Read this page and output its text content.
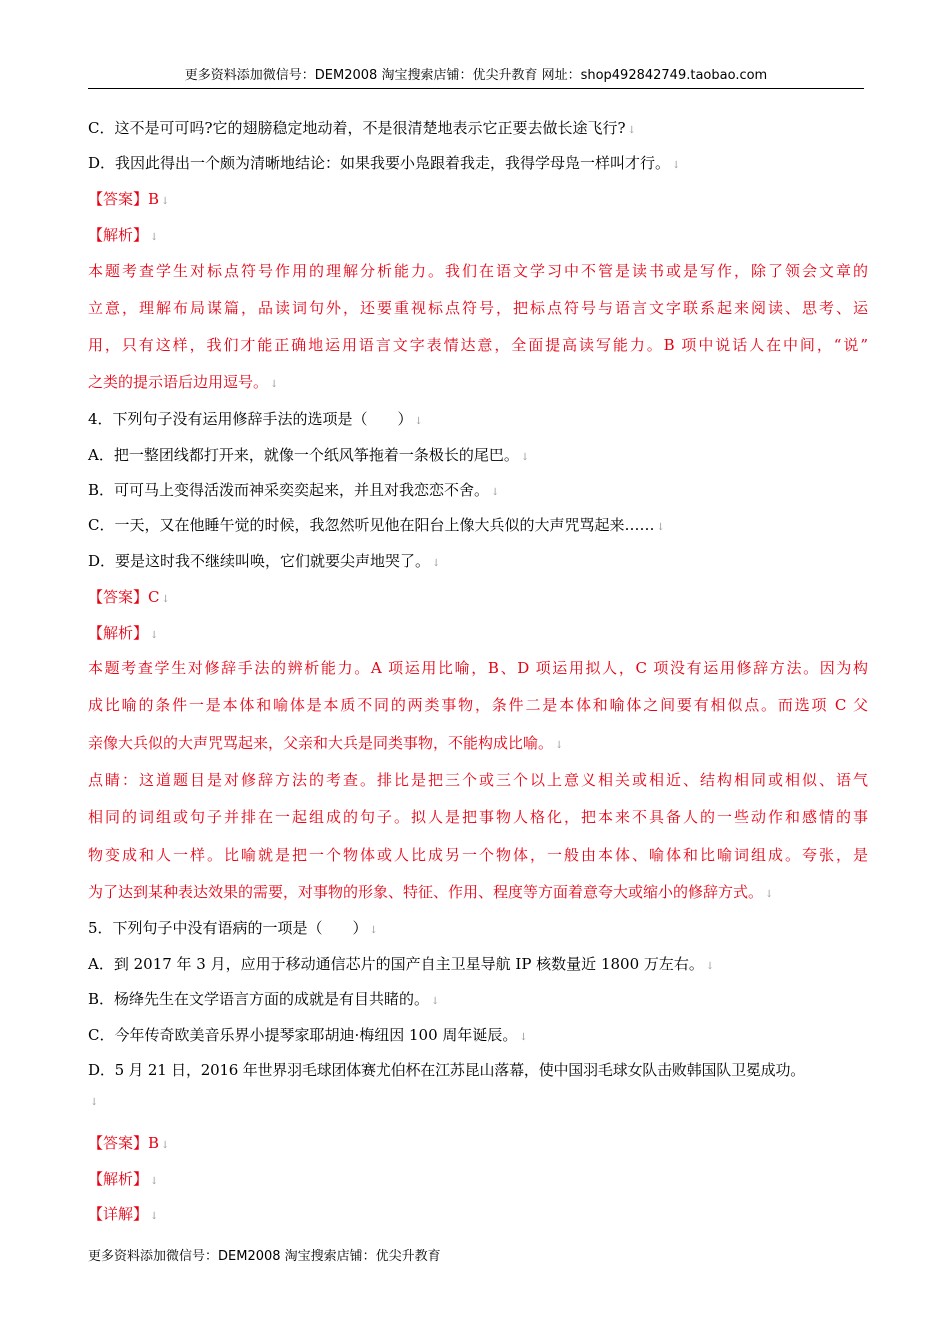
更多资料添加微信号：DEM2008 淘宝搜索店铺：优尖升教育 网址：shop492842749.taobao.com
C．这不是可可吗?它的翅膀稳定地动着，不是很清楚地表示它正要去做长途飞行? ↓
D．我因此得出一个颇为清晰地结论：如果我要小凫跟着我走，我得学母凫一样叫才行。 ↓
【答案】B ↓
【解析】 ↓
本题考查学生对标点符号作用的理解分析能力。我们在语文学习中不管是读书或是写作，除了领会文章的
立意，理解布局谋篇，品读词句外，还要重视标点符号，把标点符号与语言文字联系起来阅读、思考、运
用，只有这样，我们才能正确地运用语言文字表情达意，全面提高读写能力。B 项中说话人在中间，“说”
之类的提示语后边用逗号。 ↓
4．下列句子没有运用修辞手法的选项是（　　） ↓
A．把一整团线都打开来，就像一个纸风筝拖着一条极长的尾巴。 ↓
B．可可马上变得活泼而神采奕奕起来，并且对我恋恋不舍。 ↓
C．一天，又在他睡午觉的时候，我忽然听见他在阳台上像大兵似的大声咒骂起来…… ↓
D．要是这时我不继续叫唤，它们就要尖声地哭了。 ↓
【答案】C ↓
【解析】 ↓
本题考查学生对修辞手法的辨析能力。A 项运用比喻，B、D 项运用拟人，C 项没有运用修辞方法。因为构
成比喻的条件一是本体和喻体是本质不同的两类事物，条件二是本体和喻体之间要有相似点。而选项 C 父
亲像大兵似的大声咒骂起来，父亲和大兵是同类事物，不能构成比喻。 ↓
点睛：这道题目是对修辞方法的考查。排比是把三个或三个以上意义相关或相近、结构相同或相似、语气
相同的词组或句子并排在一起组成的句子。拟人是把事物人格化，把本来不具备人的一些动作和感情的事
物变成和人一样。比喻就是把一个物体或人比成另一个物体，一般由本体、喻体和比喻词组成。夸张，是
为了达到某种表达效果的需要，对事物的形象、特征、作用、程度等方面着意夸大或缩小的修辞方式。 ↓
5．下列句子中没有语病的一项是（　　） ↓
A．到 2017 年 3 月，应用于移动通信芯片的国产自主卫星导航 IP 核数量近 1800 万左右。 ↓
B．杨绛先生在文学语言方面的成就是有目共睹的。 ↓
C．今年传奇欧美音乐界小提琴家耶胡迪·梅纽因 100 周年诞辰。 ↓
D．5 月 21 日，2016 年世界羽毛球团体赛尤伯杯在江苏昆山落幕，使中国羽毛球女队击败韩国队卫冕成功。
↓
【答案】B ↓
【解析】 ↓
【详解】 ↓
更多资料添加微信号：DEM2008 淘宝搜索店铺：优尖升教育
